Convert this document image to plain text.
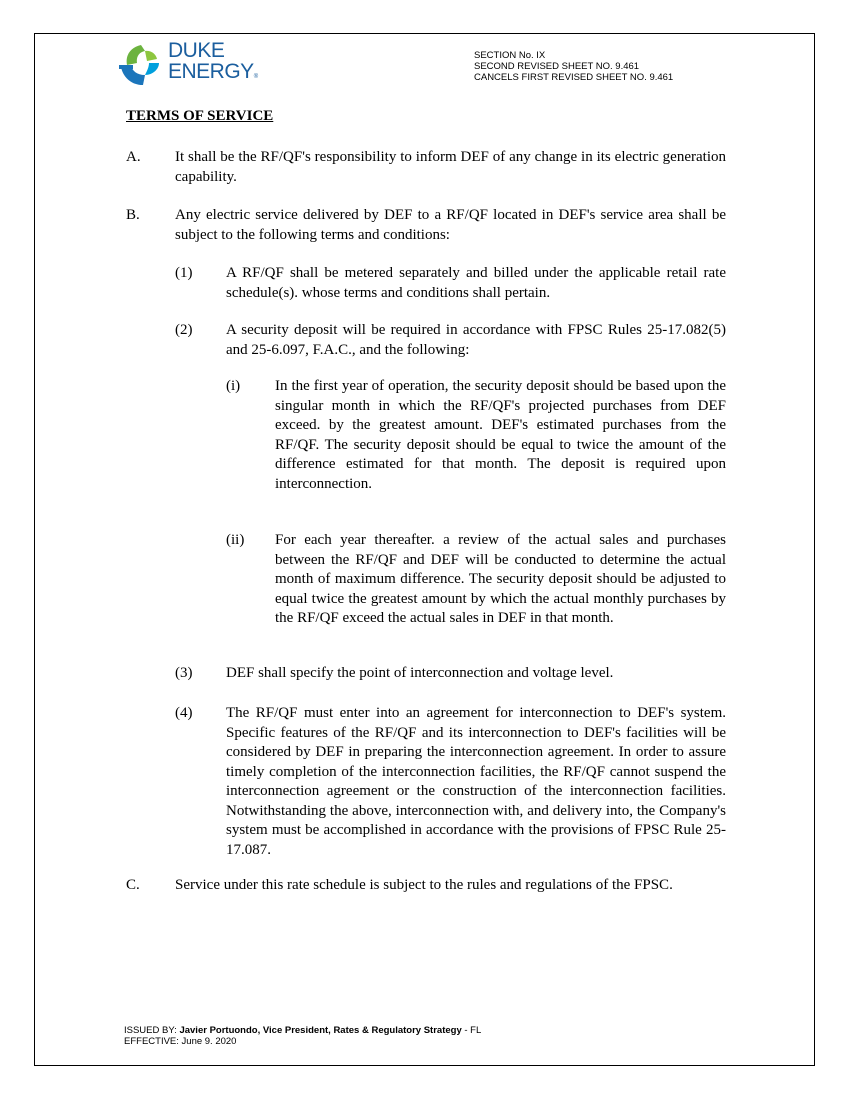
DUKE
ENERGY®
SECTION No. IX
SECOND REVISED SHEET NO. 9.461
CANCELS FIRST REVISED SHEET NO. 9.461
TERMS OF SERVICE
A. It shall be the RF/QF's responsibility to inform DEF of any change in its electric generation capability.
B. Any electric service delivered by DEF to a RF/QF located in DEF's service area shall be subject to the following terms and conditions:
(1) A RF/QF shall be metered separately and billed under the applicable retail rate schedule(s). whose terms and conditions shall pertain.
(2) A security deposit will be required in accordance with FPSC Rules 25-17.082(5) and 25-6.097, F.A.C., and the following:
(i) In the first year of operation, the security deposit should be based upon the singular month in which the RF/QF's projected purchases from DEF exceed. by the greatest amount. DEF's estimated purchases from the RF/QF. The security deposit should be equal to twice the amount of the difference estimated for that month. The deposit is required upon interconnection.
(ii) For each year thereafter. a review of the actual sales and purchases between the RF/QF and DEF will be conducted to determine the actual month of maximum difference. The security deposit should be adjusted to equal twice the greatest amount by which the actual monthly purchases by the RF/QF exceed the actual sales in DEF in that month.
(3) DEF shall specify the point of interconnection and voltage level.
(4) The RF/QF must enter into an agreement for interconnection to DEF's system. Specific features of the RF/QF and its interconnection to DEF's facilities will be considered by DEF in preparing the interconnection agreement. In order to assure timely completion of the interconnection facilities, the RF/QF cannot suspend the interconnection agreement or the construction of the interconnection facilities. Notwithstanding the above, interconnection with, and delivery into, the Company's system must be accomplished in accordance with the provisions of FPSC Rule 25-17.087.
C. Service under this rate schedule is subject to the rules and regulations of the FPSC.
ISSUED BY: Javier Portuondo, Vice President, Rates & Regulatory Strategy - FL
EFFECTIVE: June 9. 2020
